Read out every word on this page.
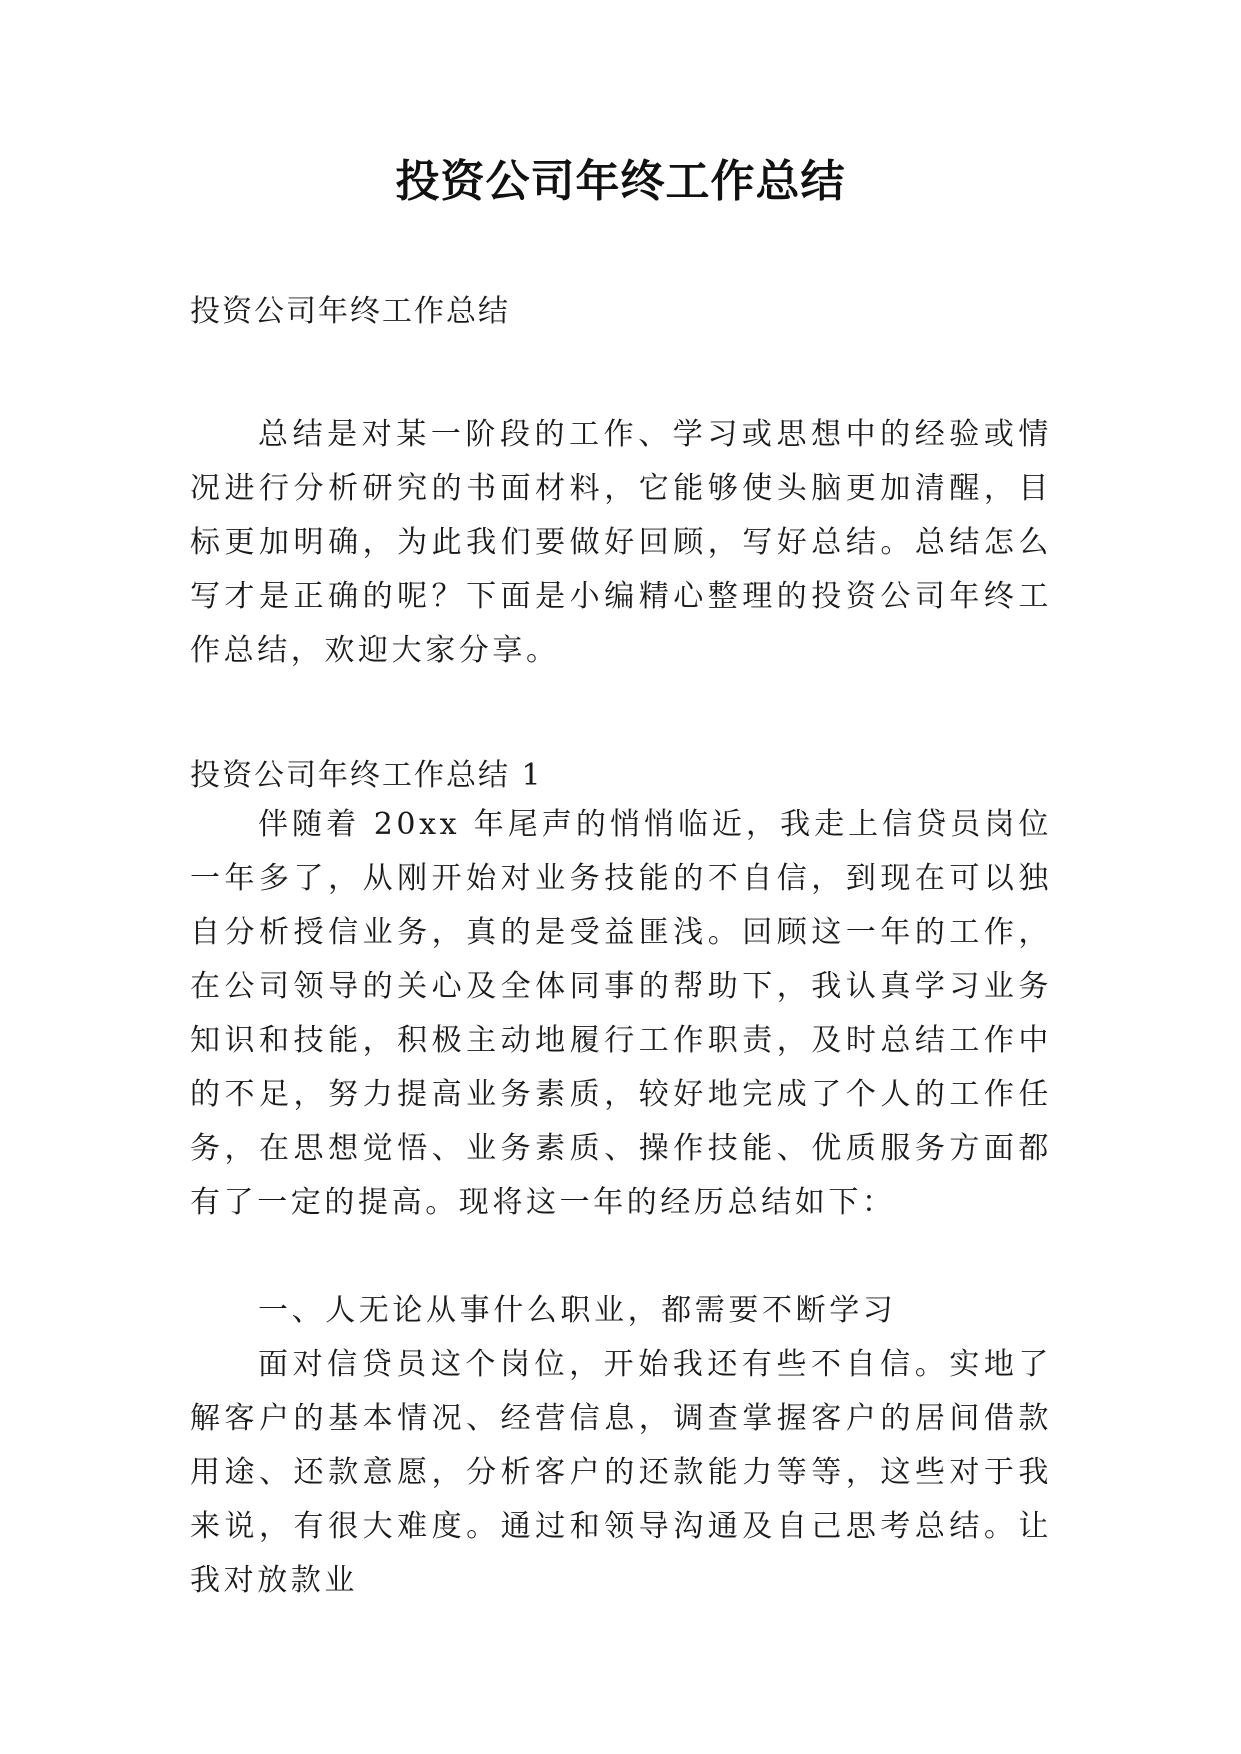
投资公司年终工作总结

投资公司年终工作总结

总结是对某一阶段的工作、学习或思想中的经验或情况进行分析研究的书面材料，它能够使头脑更加清醒，目标更加明确，为此我们要做好回顾，写好总结。总结怎么写才是正确的呢？下面是小编精心整理的投资公司年终工作总结，欢迎大家分享。

投资公司年终工作总结 1

伴随着 20xx 年尾声的悄悄临近，我走上信贷员岗位一年多了，从刚开始对业务技能的不自信，到现在可以独自分析授信业务，真的是受益匪浅。回顾这一年的工作，在公司领导的关心及全体同事的帮助下，我认真学习业务知识和技能，积极主动地履行工作职责，及时总结工作中的不足，努力提高业务素质，较好地完成了个人的工作任务，在思想觉悟、业务素质、操作技能、优质服务方面都有了一定的提高。现将这一年的经历总结如下：

一、人无论从事什么职业，都需要不断学习

面对信贷员这个岗位，开始我还有些不自信。实地了解客户的基本情况、经营信息，调查掌握客户的居间借款用途、还款意愿，分析客户的还款能力等等，这些对于我来说，有很大难度。通过和领导沟通及自己思考总结。让我对放款业
